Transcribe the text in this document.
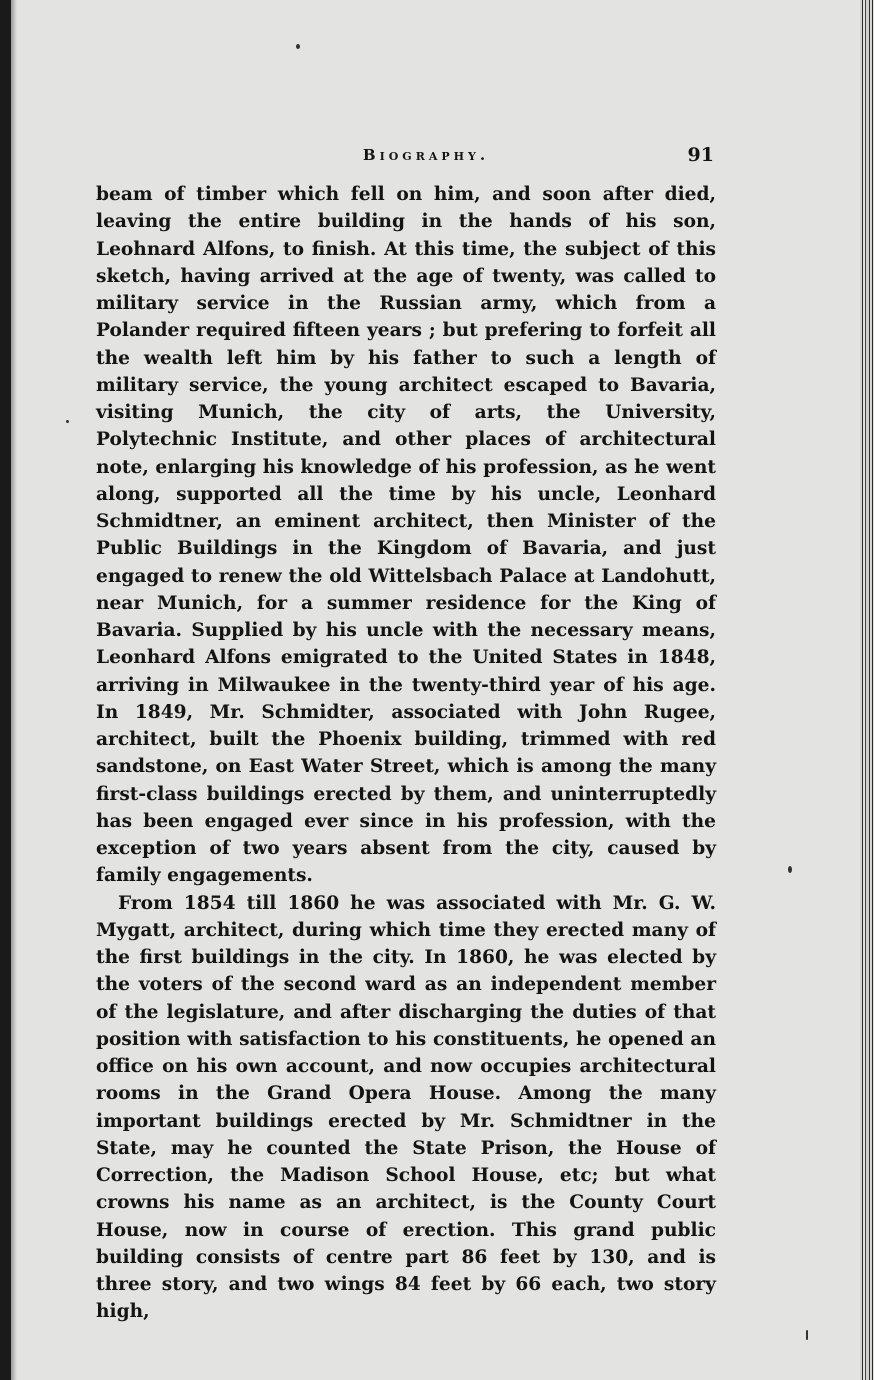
Biography.	91

beam of timber which fell on him, and soon after died, leaving the entire building in the hands of his son, Leohnard Alfons, to finish. At this time, the subject of this sketch, having arrived at the age of twenty, was called to military service in the Russian army, which from a Polander required fifteen years ; but prefering to forfeit all the wealth left him by his father to such a length of military service, the young architect escaped to Bavaria, visiting Munich, the city of arts, the University, Polytechnic Institute, and other places of architectural note, enlarging his knowledge of his profession, as he went along, supported all the time by his uncle, Leonhard Schmidtner, an eminent architect, then Minister of the Public Buildings in the Kingdom of Bavaria, and just engaged to renew the old Wittelsbach Palace at Landohutt, near Munich, for a summer residence for the King of Bavaria. Supplied by his uncle with the necessary means, Leonhard Alfons emigrated to the United States in 1848, arriving in Milwaukee in the twenty-third year of his age. In 1849, Mr. Schmidter, associated with John Rugee, architect, built the Phoenix building, trimmed with red sandstone, on East Water Street, which is among the many first-class buildings erected by them, and uninterruptedly has been engaged ever since in his profession, with the exception of two years absent from the city, caused by family engagements.

From 1854 till 1860 he was associated with Mr. G. W. Mygatt, architect, during which time they erected many of the first buildings in the city. In 1860, he was elected by the voters of the second ward as an independent member of the legislature, and after discharging the duties of that position with satisfaction to his constituents, he opened an office on his own account, and now occupies architectural rooms in the Grand Opera House. Among the many important buildings erected by Mr. Schmidtner in the State, may he counted the State Prison, the House of Correction, the Madison School House, etc; but what crowns his name as an architect, is the County Court House, now in course of erection. This grand public building consists of centre part 86 feet by 130, and is three story, and two wings 84 feet by 66 each, two story high,
